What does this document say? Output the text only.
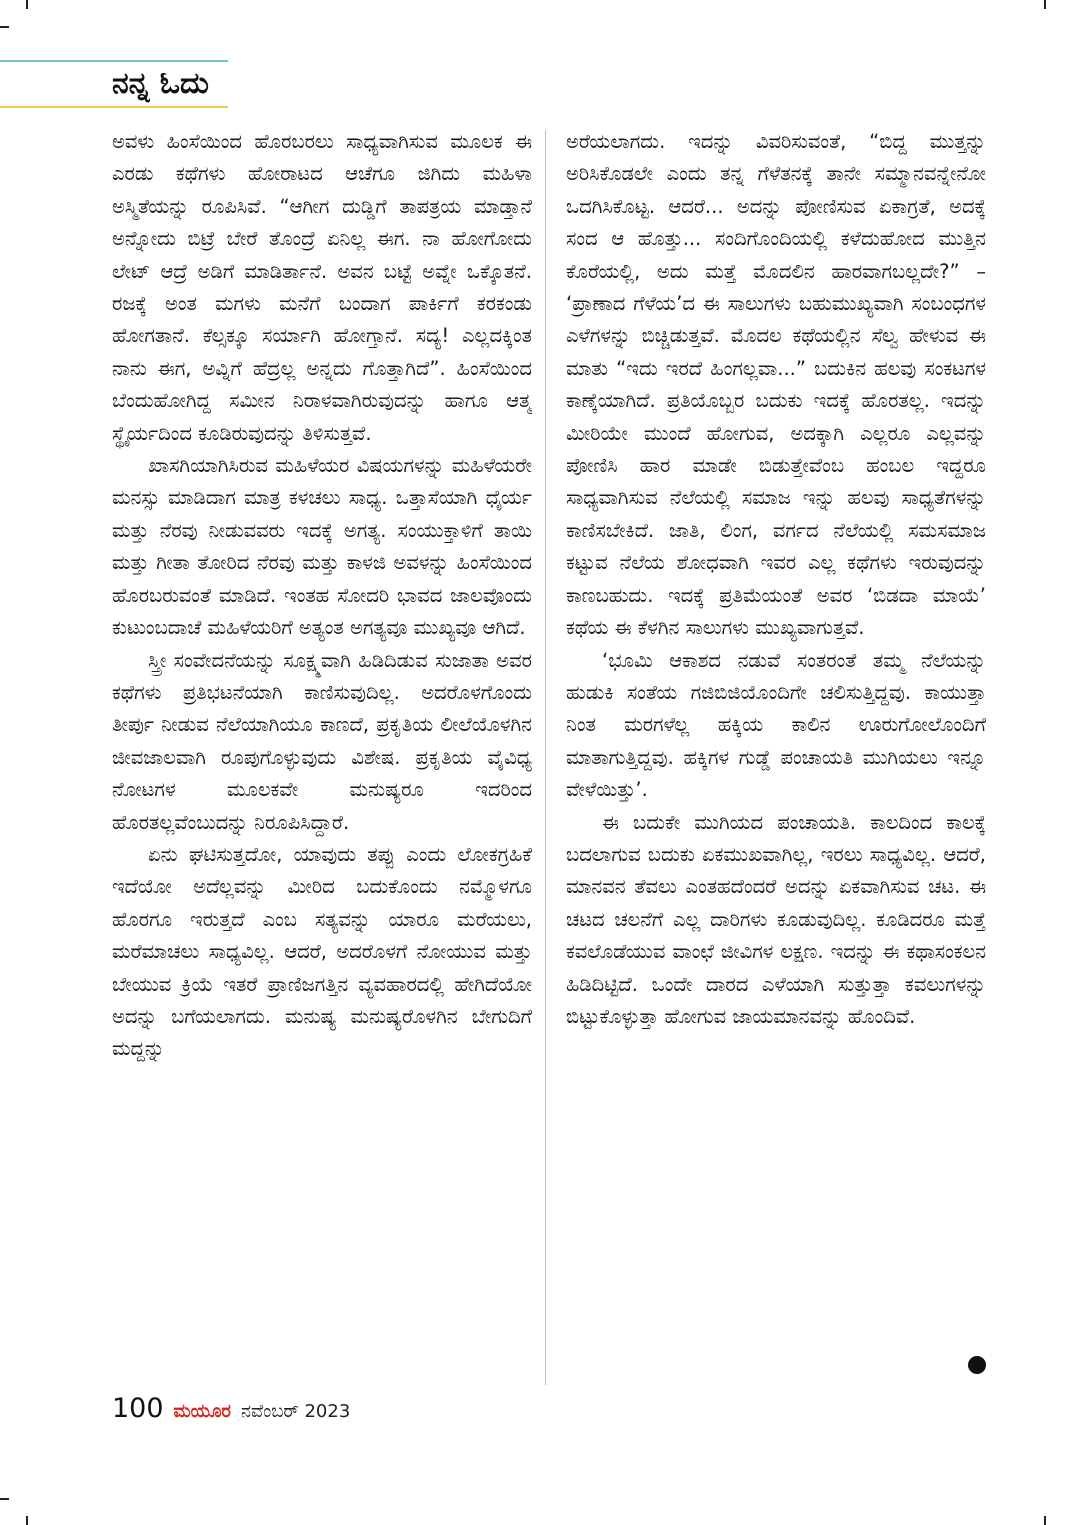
ನನ್ನ ಓದು

ಅವಳು ಹಿಂಸೆಯಿಂದ ಹೊರಬರಲು ಸಾಧ್ಯವಾಗಿಸುವ ಮೂಲಕ ಈ ಎರಡು ಕಥೆಗಳು ಹೋರಾಟದ ಆಚೆಗೂ ಜಿಗಿದು ಮಹಿಳಾ ಅಸ್ಮಿತೆಯನ್ನು ರೂಪಿಸಿವೆ. “ಆಗೀಗ ದುಡ್ಡಿಗೆ ತಾಪತ್ರಯ ಮಾಡ್ತಾನೆ ಅನ್ನೋದು ಬಿಟ್ರೆ ಬೇರೆ ತೊಂದ್ರೆ ಏನಿಲ್ಲ ಈಗ. ನಾ ಹೋಗೋದು ಲೇಟ್ ಆದ್ರೆ ಅಡಿಗೆ ಮಾಡಿರ್ತಾನೆ. ಅವನ ಬಟ್ಟೆ ಅವ್ನೇ ಒಕ್ಕೊತನೆ. ರಜಕ್ಕೆ ಅಂತ ಮಗಳು ಮನೆಗೆ ಬಂದಾಗ ಪಾರ್ಕಿಗೆ ಕರಕಂಡು ಹೋಗತಾನೆ. ಕೆಲ್ಸಕ್ಕೂ ಸರ್ಯಾಗಿ ಹೋಗ್ತಾನೆ. ಸದ್ಯ! ಎಲ್ಲದಕ್ಕಿಂತ ನಾನು ಈಗ, ಅವ್ನಿಗೆ ಹೆದ್ರಲ್ಲ ಅನ್ನದು ಗೊತ್ತಾಗಿದೆ”. ಹಿಂಸೆಯಿಂದ ಬೆಂದುಹೋಗಿದ್ದ ಸಮೀನ ನಿರಾಳವಾಗಿರುವುದನ್ನು ಹಾಗೂ ಆತ್ಮ ಸ್ಥೈರ್ಯದಿಂದ ಕೂಡಿರುವುದನ್ನು ತಿಳಿಸುತ್ತವೆ.

ಖಾಸಗಿಯಾಗಿಸಿರುವ ಮಹಿಳೆಯರ ವಿಷಯಗಳನ್ನು ಮಹಿಳೆಯರೇ ಮನಸ್ಸು ಮಾಡಿದಾಗ ಮಾತ್ರ ಕಳಚಲು ಸಾಧ್ಯ. ಒತ್ತಾಸೆಯಾಗಿ ಧೈರ್ಯ ಮತ್ತು ನೆರವು ನೀಡುವವರು ಇದಕ್ಕೆ ಅಗತ್ಯ. ಸಂಯುಕ್ತಾಳಿಗೆ ತಾಯಿ ಮತ್ತು ಗೀತಾ ತೋರಿದ ನೆರವು ಮತ್ತು ಕಾಳಜಿ ಅವಳನ್ನು ಹಿಂಸೆಯಿಂದ ಹೊರಬರುವಂತೆ ಮಾಡಿದೆ. ಇಂತಹ ಸೋದರಿ ಭಾವದ ಜಾಲವೊಂದು ಕುಟುಂಬದಾಚೆ ಮಹಿಳೆಯರಿಗೆ ಅತ್ಯಂತ ಅಗತ್ಯವೂ ಮುಖ್ಯವೂ ಆಗಿದೆ.

ಸ್ತ್ರೀ ಸಂವೇದನೆಯನ್ನು ಸೂಕ್ಷ್ಮವಾಗಿ ಹಿಡಿದಿಡುವ ಸುಜಾತಾ ಅವರ ಕಥೆಗಳು ಪ್ರತಿಭಟನೆಯಾಗಿ ಕಾಣಿಸುವುದಿಲ್ಲ. ಅದರೊಳಗೊಂದು ತೀರ್ಪು ನೀಡುವ ನೆಲೆಯಾಗಿಯೂ ಕಾಣದೆ, ಪ್ರಕೃತಿಯ ಲೀಲೆಯೊಳಗಿನ ಜೀವಜಾಲವಾಗಿ ರೂಪುಗೊಳ್ಳುವುದು ವಿಶೇಷ. ಪ್ರಕೃತಿಯ ವೈವಿಧ್ಯ ನೋಟಗಳ ಮೂಲಕವೇ ಮನುಷ್ಯರೂ ಇದರಿಂದ ಹೊರತಲ್ಲವೆಂಬುದನ್ನು ನಿರೂಪಿಸಿದ್ದಾರೆ.

ಏನು ಘಟಿಸುತ್ತದೋ, ಯಾವುದು ತಪ್ಪು ಎಂದು ಲೋಕಗ್ರಹಿಕೆ ಇದೆಯೋ ಅದೆಲ್ಲವನ್ನು ಮೀರಿದ ಬದುಕೊಂದು ನಮ್ಮೊಳಗೂ ಹೊರಗೂ ಇರುತ್ತದೆ ಎಂಬ ಸತ್ಯವನ್ನು ಯಾರೂ ಮರೆಯಲು, ಮರೆಮಾಚಲು ಸಾಧ್ಯವಿಲ್ಲ. ಆದರೆ, ಅದರೊಳಗೆ ನೋಯುವ ಮತ್ತು ಬೇಯುವ ಕ್ರಿಯೆ ಇತರೆ ಪ್ರಾಣಿಜಗತ್ತಿನ ವ್ಯವಹಾರದಲ್ಲಿ ಹೇಗಿದೆಯೋ ಅದನ್ನು ಬಗೆಯಲಾಗದು. ಮನುಷ್ಯ ಮನುಷ್ಯರೊಳಗಿನ ಬೇಗುದಿಗೆ ಮದ್ದನ್ನು

ಅರೆಯಲಾಗದು. ಇದನ್ನು ವಿವರಿಸುವಂತೆ, “ಬಿದ್ದ ಮುತ್ತನ್ನು ಅರಿಸಿಕೊಡಲೇ ಎಂದು ತನ್ನ ಗೆಳೆತನಕ್ಕೆ ತಾನೇ ಸಮ್ಮಾನವನ್ನೇನೋ ಒದಗಿಸಿಕೊಟ್ಟ. ಆದರೆ... ಅದನ್ನು ಪೋಣಿಸುವ ಏಕಾಗ್ರತೆ, ಅದಕ್ಕೆ ಸಂದ ಆ ಹೊತ್ತು... ಸಂದಿಗೊಂದಿಯಲ್ಲಿ ಕಳೆದುಹೋದ ಮುತ್ತಿನ ಕೊರೆಯಲ್ಲಿ, ಅದು ಮತ್ತೆ ಮೊದಲಿನ ಹಾರವಾಗಬಲ್ಲದೇ?” – ‘ಪ್ರಾಣಾದ ಗೆಳೆಯ’ದ ಈ ಸಾಲುಗಳು ಬಹುಮುಖ್ಯವಾಗಿ ಸಂಬಂಧಗಳ ಎಳೆಗಳನ್ನು ಬಿಚ್ಚಿಡುತ್ತವೆ. ಮೊದಲ ಕಥೆಯಲ್ಲಿನ ಸೆಲ್ವ ಹೇಳುವ ಈ ಮಾತು “ಇದು ಇರದೆ ಹಿಂಗಲ್ಲವಾ...” ಬದುಕಿನ ಹಲವು ಸಂಕಟಗಳ ಕಾಣ್ಕೆಯಾಗಿದೆ. ಪ್ರತಿಯೊಬ್ಬರ ಬದುಕು ಇದಕ್ಕೆ ಹೊರತಲ್ಲ. ಇದನ್ನು ಮೀರಿಯೇ ಮುಂದೆ ಹೋಗುವ, ಅದಕ್ಕಾಗಿ ಎಲ್ಲರೂ ಎಲ್ಲವನ್ನು ಪೋಣಿಸಿ ಹಾರ ಮಾಡೇ ಬಿಡುತ್ತೇವೆಂಬ ಹಂಬಲ ಇದ್ದರೂ ಸಾಧ್ಯವಾಗಿಸುವ ನೆಲೆಯಲ್ಲಿ ಸಮಾಜ ಇನ್ನು ಹಲವು ಸಾಧ್ಯತೆಗಳನ್ನು ಕಾಣಿಸಬೇಕಿದೆ. ಜಾತಿ, ಲಿಂಗ, ವರ್ಗದ ನೆಲೆಯಲ್ಲಿ ಸಮಸಮಾಜ ಕಟ್ಟುವ ನೆಲೆಯ ಶೋಧವಾಗಿ ಇವರ ಎಲ್ಲ ಕಥೆಗಳು ಇರುವುದನ್ನು ಕಾಣಬಹುದು. ಇದಕ್ಕೆ ಪ್ರತಿಮೆಯಂತೆ ಅವರ ‘ಬಿಡದಾ ಮಾಯೆ’ ಕಥೆಯ ಈ ಕೆಳಗಿನ ಸಾಲುಗಳು ಮುಖ್ಯವಾಗುತ್ತವೆ.

‘ಭೂಮಿ ಆಕಾಶದ ನಡುವೆ ಸಂತರಂತೆ ತಮ್ಮ ನೆಲೆಯನ್ನು ಹುಡುಕಿ ಸಂತೆಯ ಗಜಿಬಿಜಿಯೊಂದಿಗೇ ಚಲಿಸುತ್ತಿದ್ದವು. ಕಾಯುತ್ತಾ ನಿಂತ ಮರಗಳೆಲ್ಲ ಹಕ್ಕಿಯ ಕಾಲಿನ ಊರುಗೋಲೊಂದಿಗೆ ಮಾತಾಗುತ್ತಿದ್ದವು. ಹಕ್ಕಿಗಳ ಗುಡ್ಡೆ ಪಂಚಾಯತಿ ಮುಗಿಯಲು ಇನ್ನೂ ವೇಳೆಯಿತ್ತು’.

ಈ ಬದುಕೇ ಮುಗಿಯದ ಪಂಚಾಯತಿ. ಕಾಲದಿಂದ ಕಾಲಕ್ಕೆ ಬದಲಾಗುವ ಬದುಕು ಏಕಮುಖವಾಗಿಲ್ಲ, ಇರಲು ಸಾಧ್ಯವಿಲ್ಲ. ಆದರೆ, ಮಾನವನ ತೆವಲು ಎಂತಹದೆಂದರೆ ಅದನ್ನು ಏಕವಾಗಿಸುವ ಚಟ. ಈ ಚಟದ ಚಲನೆಗೆ ಎಲ್ಲ ದಾರಿಗಳು ಕೂಡುವುದಿಲ್ಲ. ಕೂಡಿದರೂ ಮತ್ತೆ ಕವಲೊಡೆಯುವ ವಾಂಛೆ ಜೀವಿಗಳ ಲಕ್ಷಣ. ಇದನ್ನು ಈ ಕಥಾಸಂಕಲನ ಹಿಡಿದಿಟ್ಟಿದೆ. ಒಂದೇ ದಾರದ ಎಳೆಯಾಗಿ ಸುತ್ತುತ್ತಾ ಕವಲುಗಳನ್ನು ಬಿಟ್ಟುಕೊಳ್ಳುತ್ತಾ ಹೋಗುವ ಜಾಯಮಾನವನ್ನು ಹೊಂದಿವೆ.

100 ಮಯೂರ ನವೆಂಬರ್ 2023
